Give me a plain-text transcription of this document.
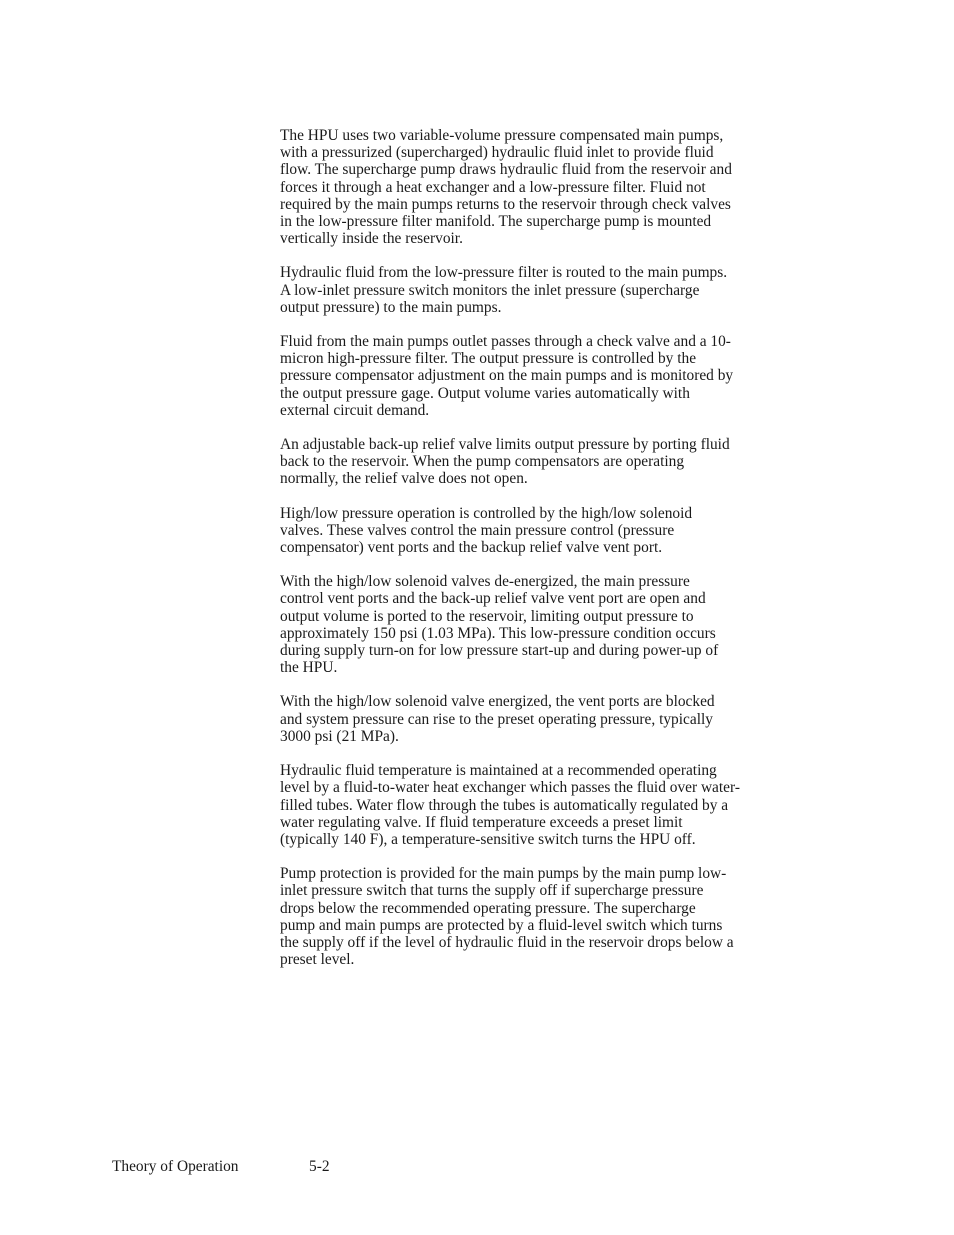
The HPU uses two variable-volume pressure compensated main pumps,
with a pressurized (supercharged) hydraulic fluid inlet to provide fluid
flow. The supercharge pump draws hydraulic fluid from the reservoir and
forces it through a heat exchanger and a low-pressure filter. Fluid not
required by the main pumps returns to the reservoir through check valves
in the low-pressure filter manifold. The supercharge pump is mounted
vertically inside the reservoir.

Hydraulic fluid from the low-pressure filter is routed to the main pumps.
A low-inlet pressure switch monitors the inlet pressure (supercharge
output pressure) to the main pumps.

Fluid from the main pumps outlet passes through a check valve and a 10-
micron high-pressure filter. The output pressure is controlled by the
pressure compensator adjustment on the main pumps and is monitored by
the output pressure gage. Output volume varies automatically with
external circuit demand.

An adjustable back-up relief valve limits output pressure by porting fluid
back to the reservoir. When the pump compensators are operating
normally, the relief valve does not open.

High/low pressure operation is controlled by the high/low solenoid
valves. These valves control the main pressure control (pressure
compensator) vent ports and the backup relief valve vent port.

With the high/low solenoid valves de-energized, the main pressure
control vent ports and the back-up relief valve vent port are open and
output volume is ported to the reservoir, limiting output pressure to
approximately 150 psi (1.03 MPa). This low-pressure condition occurs
during supply turn-on for low pressure start-up and during power-up of
the HPU.

With the high/low solenoid valve energized, the vent ports are blocked
and system pressure can rise to the preset operating pressure, typically
3000 psi (21 MPa).

Hydraulic fluid temperature is maintained at a recommended operating
level by a fluid-to-water heat exchanger which passes the fluid over water-
filled tubes. Water flow through the tubes is automatically regulated by a
water regulating valve. If fluid temperature exceeds a preset limit
(typically 140 F), a temperature-sensitive switch turns the HPU off.

Pump protection is provided for the main pumps by the main pump low-
inlet pressure switch that turns the supply off if supercharge pressure
drops below the recommended operating pressure. The supercharge
pump and main pumps are protected by a fluid-level switch which turns
the supply off if the level of hydraulic fluid in the reservoir drops below a
preset level.

Theory of Operation	5-2
